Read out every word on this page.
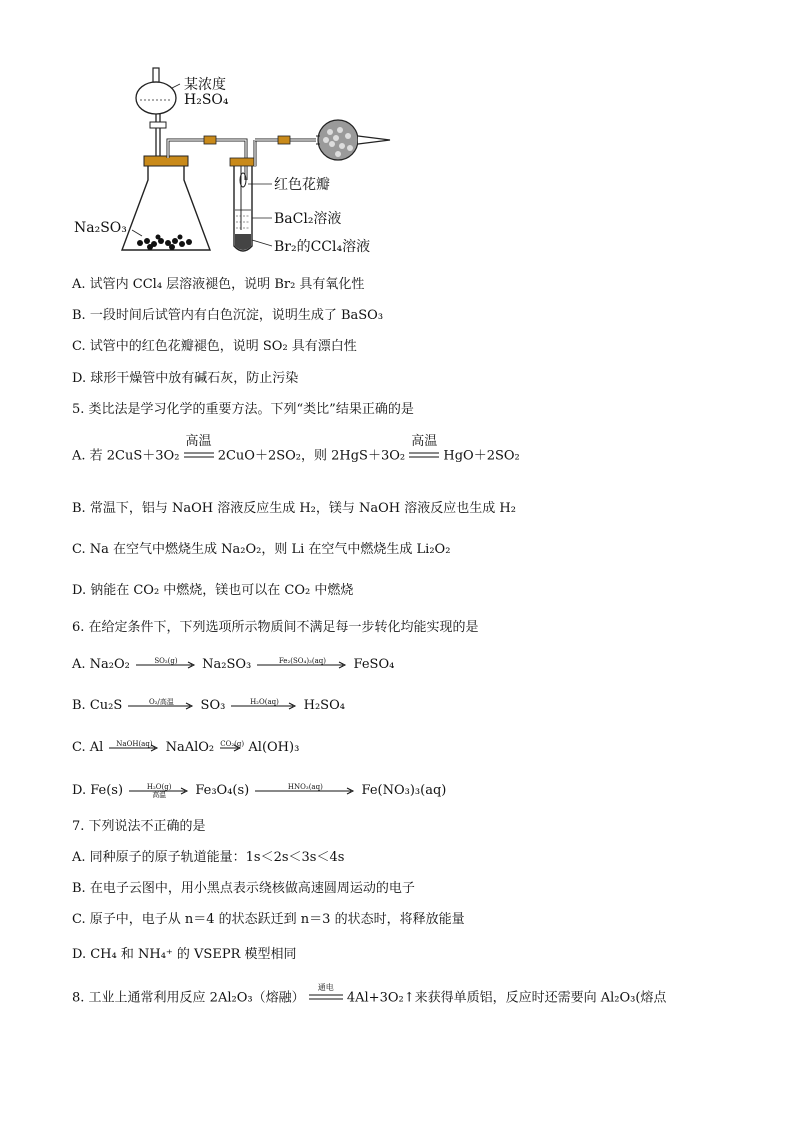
某浓度
H₂SO₄
Na₂SO₃
红色花瓣
BaCl₂溶液
Br₂的CCl₄溶液
A. 试管内 CCl₄ 层溶液褪色，说明 Br₂ 具有氧化性
B. 一段时间后试管内有白色沉淀，说明生成了 BaSO₃
C. 试管中的红色花瓣褪色，说明 SO₂ 具有漂白性
D. 球形干燥管中放有碱石灰，防止污染
5. 类比法是学习化学的重要方法。下列“类比”结果正确的是
A. 若 2CuS＋3O₂
高温
2CuO＋2SO₂，则 2HgS＋3O₂
高温
HgO＋2SO₂
B. 常温下，铝与 NaOH 溶液反应生成 H₂，镁与 NaOH 溶液反应也生成 H₂
C. Na 在空气中燃烧生成 Na₂O₂，则 Li 在空气中燃烧生成 Li₂O₂
D. 钠能在 CO₂ 中燃烧，镁也可以在 CO₂ 中燃烧
6. 在给定条件下，下列选项所示物质间不满足每一步转化均能实现的是
A. Na₂O₂	SO₂(g)	Na₂SO₃	Fe₂(SO₄)₃(aq)	FeSO₄
B. Cu₂S	O₂/高温	SO₃	H₂O(aq)	H₂SO₄
C. Al	NaOH(aq)	NaAlO₂ CO₂(g) Al(OH)₃
D. Fe(s)	H₂O(g)
高温	Fe₃O₄(s)	HNO₃(aq)	Fe(NO₃)₃(aq)
7. 下列说法不正确的是
A. 同种原子的原子轨道能量：1s＜2s＜3s＜4s
B. 在电子云图中，用小黑点表示绕核做高速圆周运动的电子
C. 原子中，电子从 n＝4 的状态跃迁到 n＝3 的状态时，将释放能量
D. CH₄ 和 NH₄⁺ 的 VSEPR 模型相同
8. 工业上通常利用反应 2Al₂O₃（熔融）
通电
4Al+3O₂↑来获得单质铝，反应时还需要向 Al₂O₃(熔点
